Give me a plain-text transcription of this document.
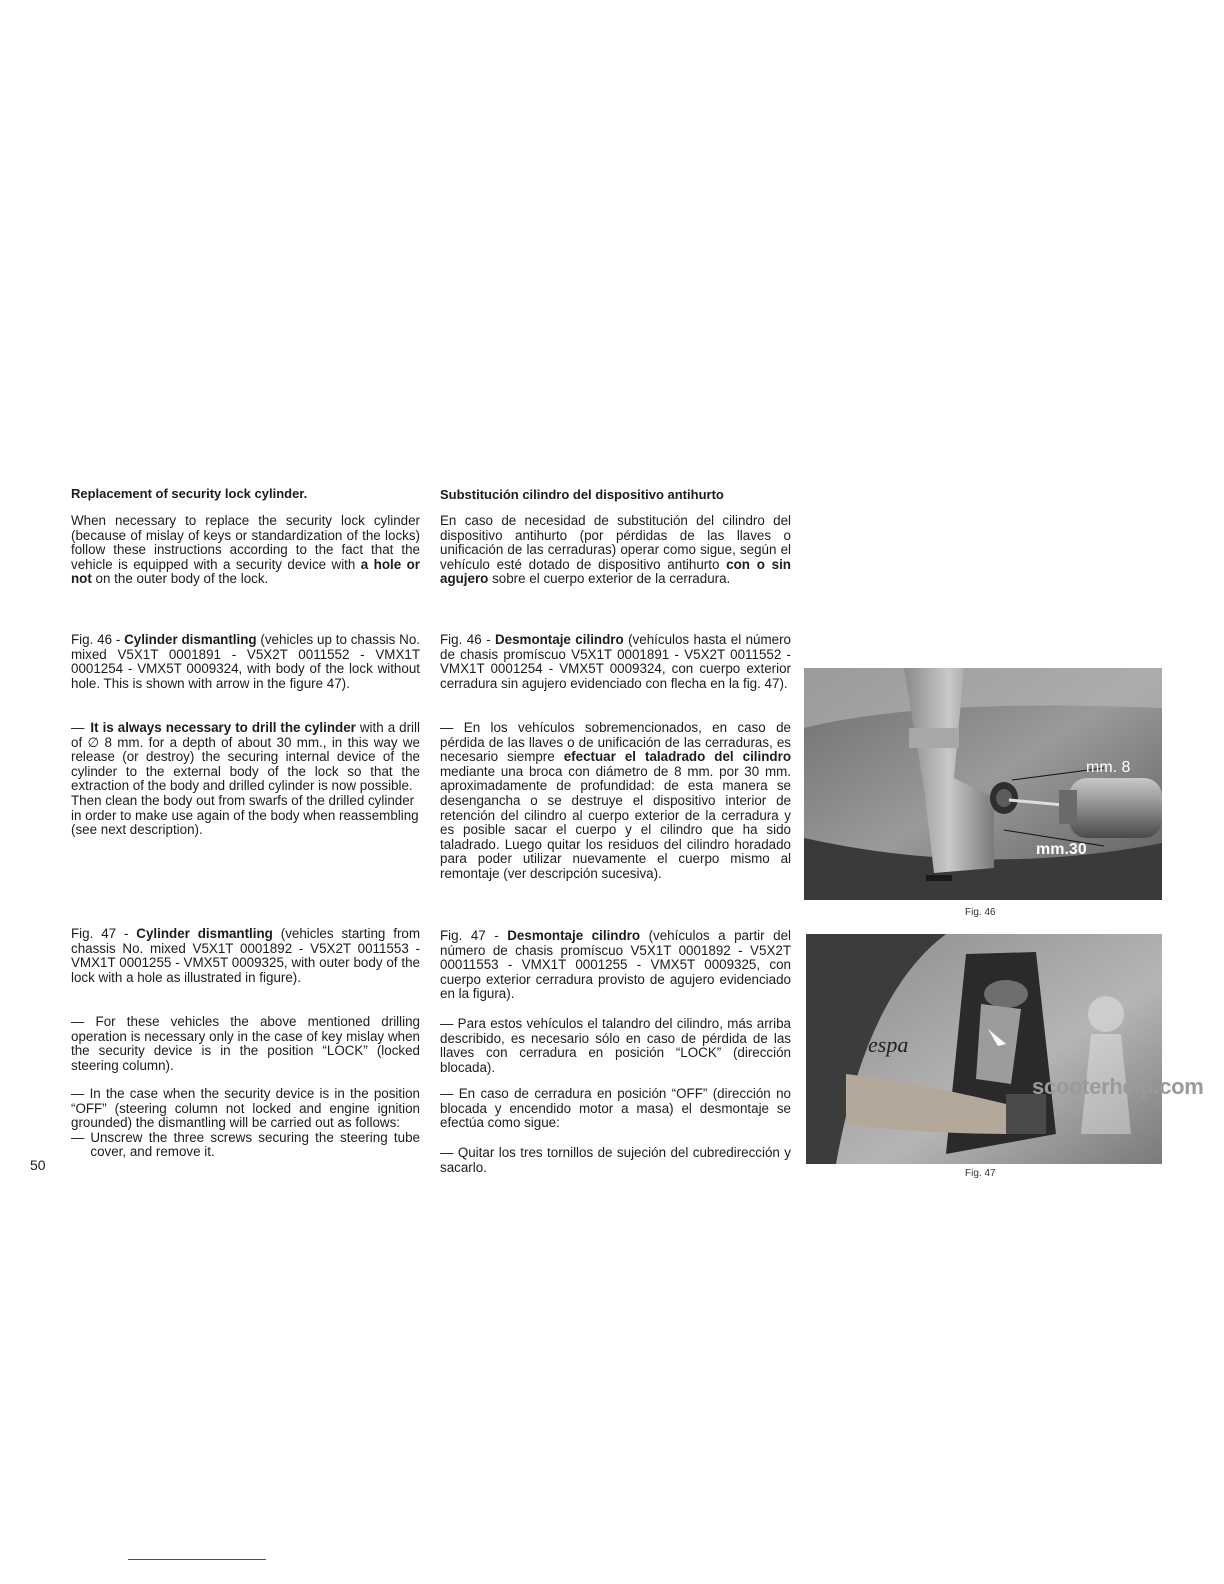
Replacement of security lock cylinder.

When necessary to replace the security lock cylinder (because of mislay of keys or standardization of the locks) follow these instructions according to the fact that the vehicle is equipped with a security device with a hole or not on the outer body of the lock.

Fig. 46 - Cylinder dismantling (vehicles up to chassis No. mixed V5X1T 0001891 - V5X2T 0011552 - VMX1T 0001254 - VMX5T 0009324, with body of the lock without hole. This is shown with arrow in the figure 47).

— It is always necessary to drill the cylinder with a drill of ∅ 8 mm. for a depth of about 30 mm., in this way we release (or destroy) the securing internal device of the cylinder to the external body of the lock so that the extraction of the body and drilled cylinder is now possible.

Then clean the body out from swarfs of the drilled cylinder in order to make use again of the body when reassembling (see next description).

Fig. 47 - Cylinder dismantling (vehicles starting from chassis No. mixed V5X1T 0001892 - V5X2T 0011553 - VMX1T 0001255 - VMX5T 0009325, with outer body of the lock with a hole as illustrated in figure).

— For these vehicles the above mentioned drilling operation is necessary only in the case of key mislay when the security device is in the position “LOCK” (locked steering column).

— In the case when the security device is in the position “OFF” (steering column not locked and engine ignition grounded) the dismantling will be carried out as follows:

— Unscrew the three screws securing the steering tube cover, and remove it.

50
Substitución cilindro del dispositivo antihurto

En caso de necesidad de substitución del cilindro del dispositivo antihurto (por pérdidas de las llaves o unificación de las cerraduras) operar como sigue, según el vehículo esté dotado de dispositivo antihurto con o sin agujero sobre el cuerpo exterior de la cerradura.

Fig. 46 - Desmontaje cilindro (vehículos hasta el número de chasis promíscuo V5X1T 0001891 - V5X2T 0011552 - VMX1T 0001254 - VMX5T 0009324, con cuerpo exterior cerradura sin agujero evidenciado con flecha en la fig. 47).

— En los vehículos sobremencionados, en caso de pérdida de las llaves o de unificación de las cerraduras, es necesario siempre efectuar el taladrado del cilindro mediante una broca con diámetro de 8 mm. por 30 mm. aproximadamente de profundidad: de esta manera se desengancha o se destruye el dispositivo interior de retención del cilindro al cuerpo exterior de la cerradura y es posible sacar el cuerpo y el cilindro que ha sido taladrado. Luego quitar los residuos del cilindro horadado para poder utilizar nuevamente el cuerpo mismo al remontaje (ver descripción sucesiva).

Fig. 47 - Desmontaje cilindro (vehículos a partir del número de chasis promíscuo V5X1T 0001892 - V5X2T 00011553 - VMX1T 0001255 - VMX5T 0009325, con cuerpo exterior cerradura provisto de agujero evidenciado en la figura).

— Para estos vehículos el talandro del cilindro, más arriba describido, es necesario sólo en caso de pérdida de las llaves con cerradura en posición “LOCK” (dirección blocada).

— En caso de cerradura en posición “OFF” (dirección no blocada y encendido motor a masa) el desmontaje se efectúa como sigue:

— Quitar los tres tornillos de sujeción del cubredirección y sacarlo.

mm. 8
mm.30
Fig. 46
espa
Fig. 47
scooterhelp.com
